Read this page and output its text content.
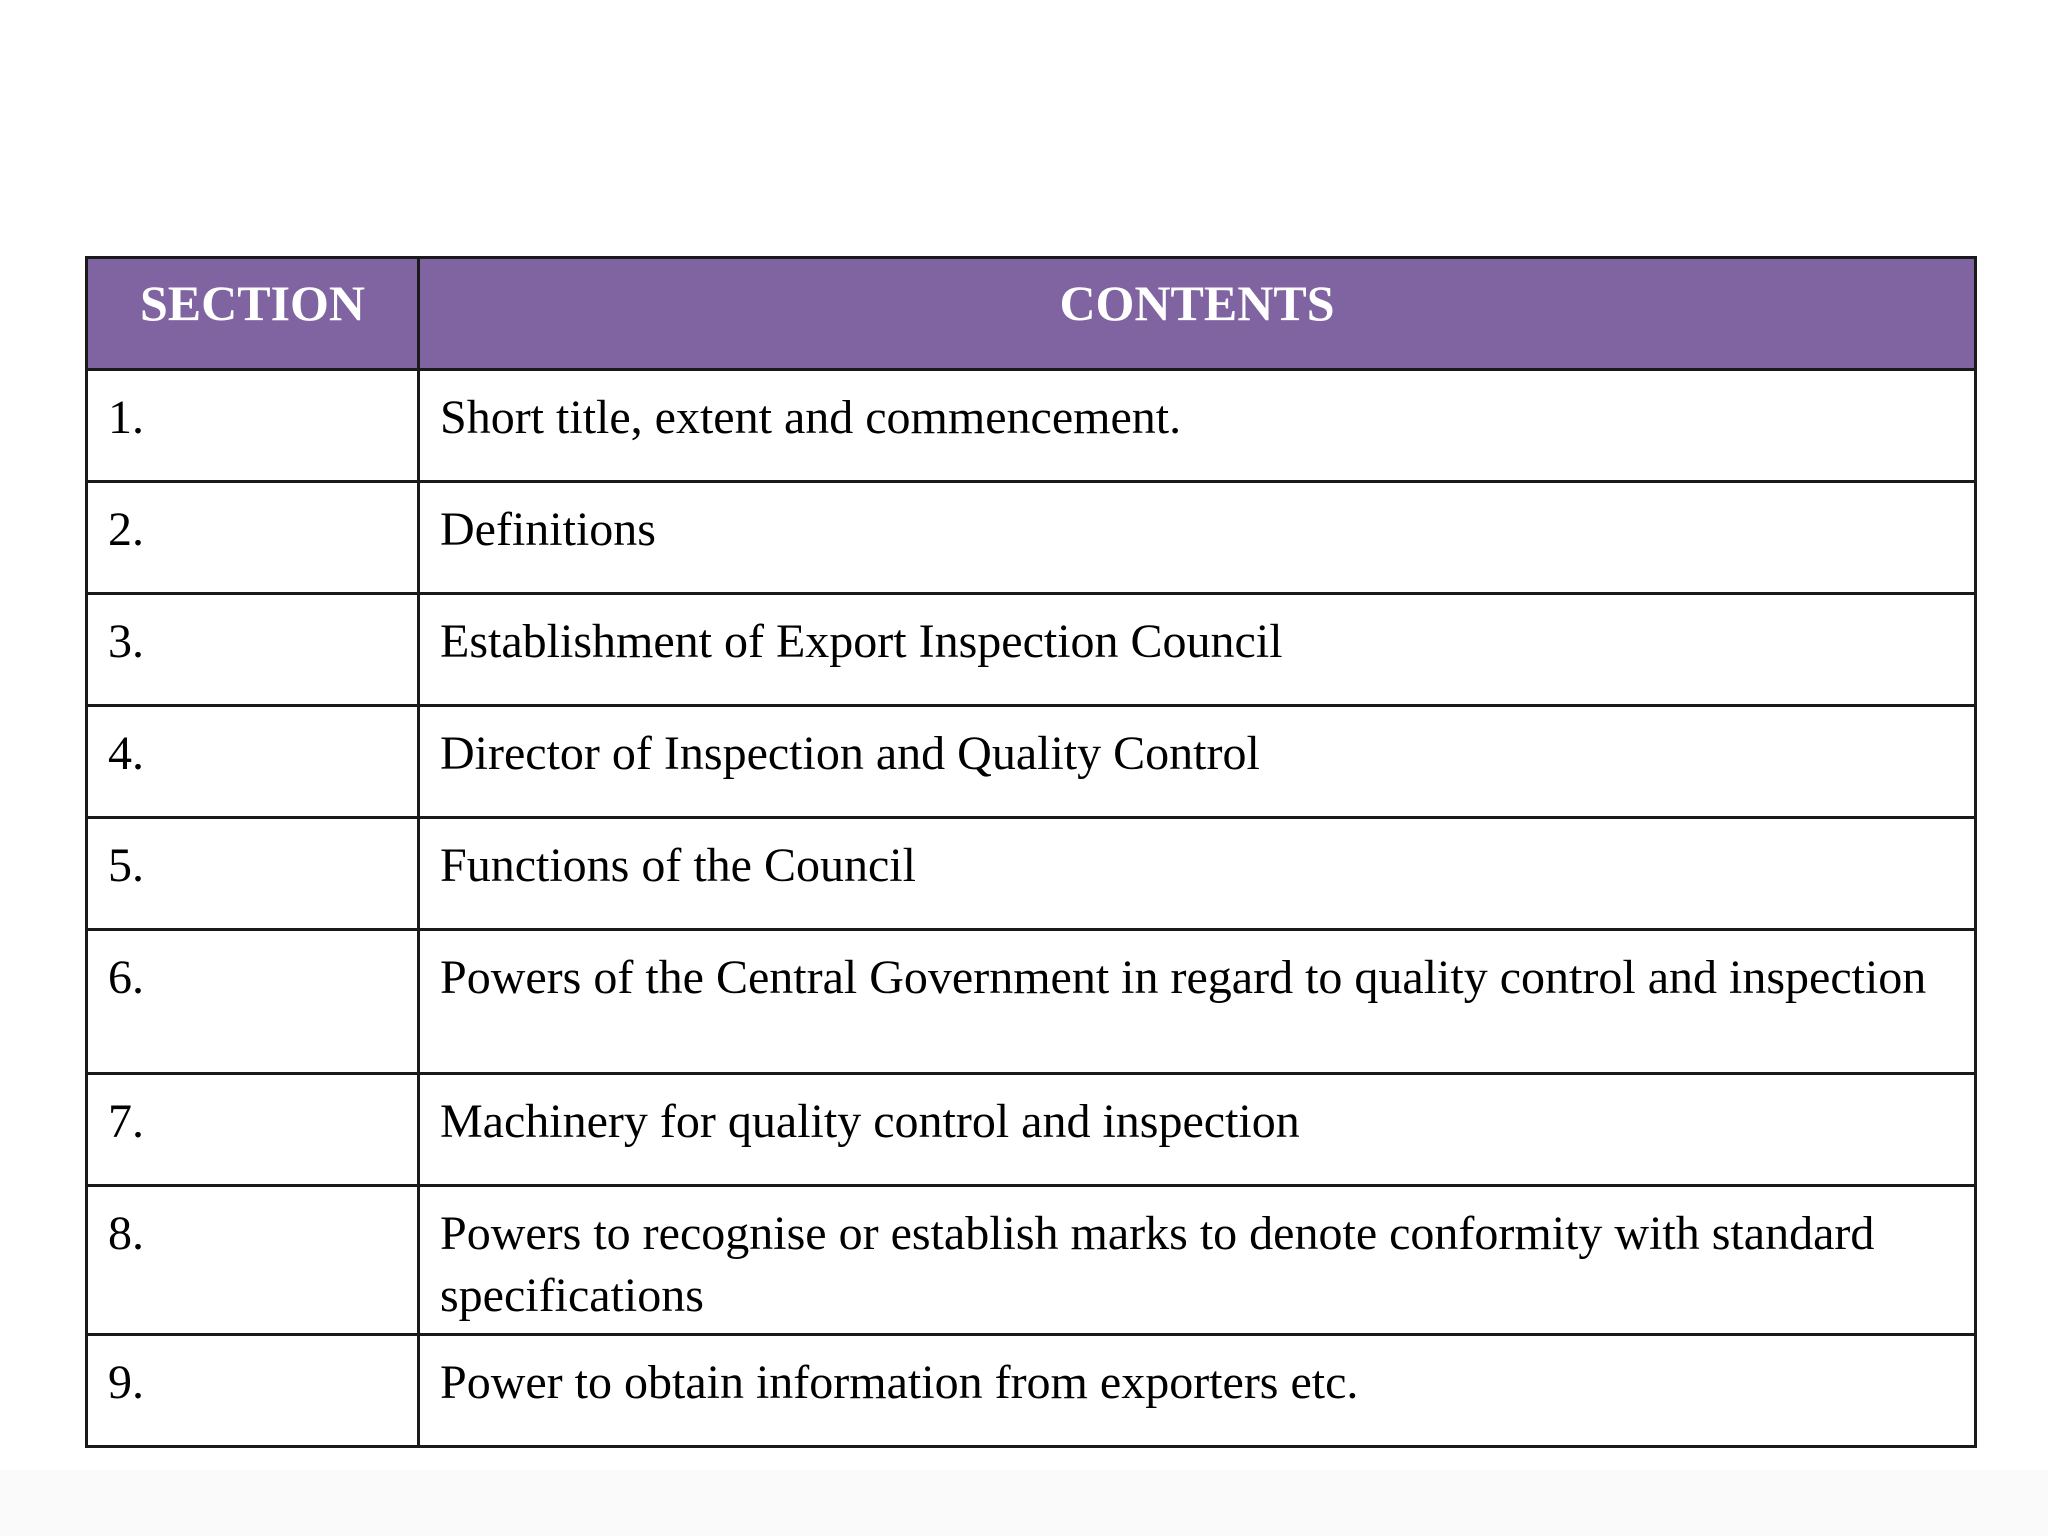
SECTION	CONTENTS
1.	Short title, extent and commencement.
2.	Definitions
3.	Establishment of Export Inspection Council
4.	Director of Inspection and Quality Control
5.	Functions of the Council
6.	Powers of the Central Government in regard to quality control and inspection
7.	Machinery for quality control and inspection
8.	Powers to recognise or establish marks to denote conformity with standard specifications
9.	Power to obtain information from exporters etc.
